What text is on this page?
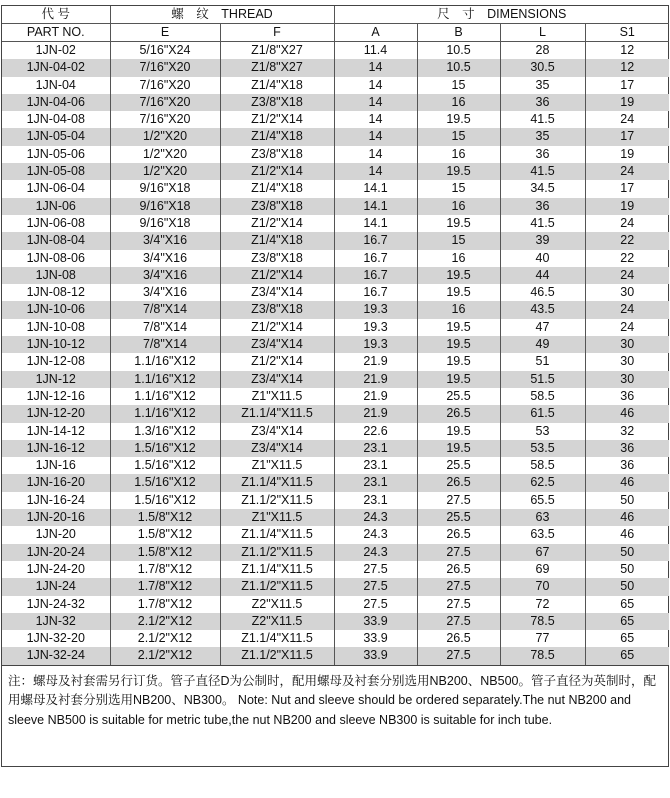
代 号	螺　纹　THREAD		尺　寸　DIMENSIONS			
PART NO.	E	F	A	B	L	S1
1JN-02	5/16"X24	Z1/8"X27	11.4	10.5	28	12
1JN-04-02	7/16"X20	Z1/8"X27	14	10.5	30.5	12
1JN-04	7/16"X20	Z1/4"X18	14	15	35	17
1JN-04-06	7/16"X20	Z3/8"X18	14	16	36	19
1JN-04-08	7/16"X20	Z1/2"X14	14	19.5	41.5	24
1JN-05-04	1/2"X20	Z1/4"X18	14	15	35	17
1JN-05-06	1/2"X20	Z3/8"X18	14	16	36	19
1JN-05-08	1/2"X20	Z1/2"X14	14	19.5	41.5	24
1JN-06-04	9/16"X18	Z1/4"X18	14.1	15	34.5	17
1JN-06	9/16"X18	Z3/8"X18	14.1	16	36	19
1JN-06-08	9/16"X18	Z1/2"X14	14.1	19.5	41.5	24
1JN-08-04	3/4"X16	Z1/4"X18	16.7	15	39	22
1JN-08-06	3/4"X16	Z3/8"X18	16.7	16	40	22
1JN-08	3/4"X16	Z1/2"X14	16.7	19.5	44	24
1JN-08-12	3/4"X16	Z3/4"X14	16.7	19.5	46.5	30
1JN-10-06	7/8"X14	Z3/8"X18	19.3	16	43.5	24
1JN-10-08	7/8"X14	Z1/2"X14	19.3	19.5	47	24
1JN-10-12	7/8"X14	Z3/4"X14	19.3	19.5	49	30
1JN-12-08	1.1/16"X12	Z1/2"X14	21.9	19.5	51	30
1JN-12	1.1/16"X12	Z3/4"X14	21.9	19.5	51.5	30
1JN-12-16	1.1/16"X12	Z1"X11.5	21.9	25.5	58.5	36
1JN-12-20	1.1/16"X12	Z1.1/4"X11.5	21.9	26.5	61.5	46
1JN-14-12	1.3/16"X12	Z3/4"X14	22.6	19.5	53	32
1JN-16-12	1.5/16"X12	Z3/4"X14	23.1	19.5	53.5	36
1JN-16	1.5/16"X12	Z1"X11.5	23.1	25.5	58.5	36
1JN-16-20	1.5/16"X12	Z1.1/4"X11.5	23.1	26.5	62.5	46
1JN-16-24	1.5/16"X12	Z1.1/2"X11.5	23.1	27.5	65.5	50
1JN-20-16	1.5/8"X12	Z1"X11.5	24.3	25.5	63	46
1JN-20	1.5/8"X12	Z1.1/4"X11.5	24.3	26.5	63.5	46
1JN-20-24	1.5/8"X12	Z1.1/2"X11.5	24.3	27.5	67	50
1JN-24-20	1.7/8"X12	Z1.1/4"X11.5	27.5	26.5	69	50
1JN-24	1.7/8"X12	Z1.1/2"X11.5	27.5	27.5	70	50
1JN-24-32	1.7/8"X12	Z2"X11.5	27.5	27.5	72	65
1JN-32	2.1/2"X12	Z2"X11.5	33.9	27.5	78.5	65
1JN-32-20	2.1/2"X12	Z1.1/4"X11.5	33.9	26.5	77	65
1JN-32-24	2.1/2"X12	Z1.1/2"X11.5	33.9	27.5	78.5	65
注：螺母及衬套需另行订货。管子直径D为公制时，配用螺母及衬套分别选用NB200、NB500。管子直径为英制时，配用螺母及衬套分别选用NB200、NB300。 Note: Nut and sleeve should be ordered separately.The nut NB200 and sleeve NB500 is suitable for metric tube,the nut NB200 and sleeve NB300 is suitable for inch tube.
